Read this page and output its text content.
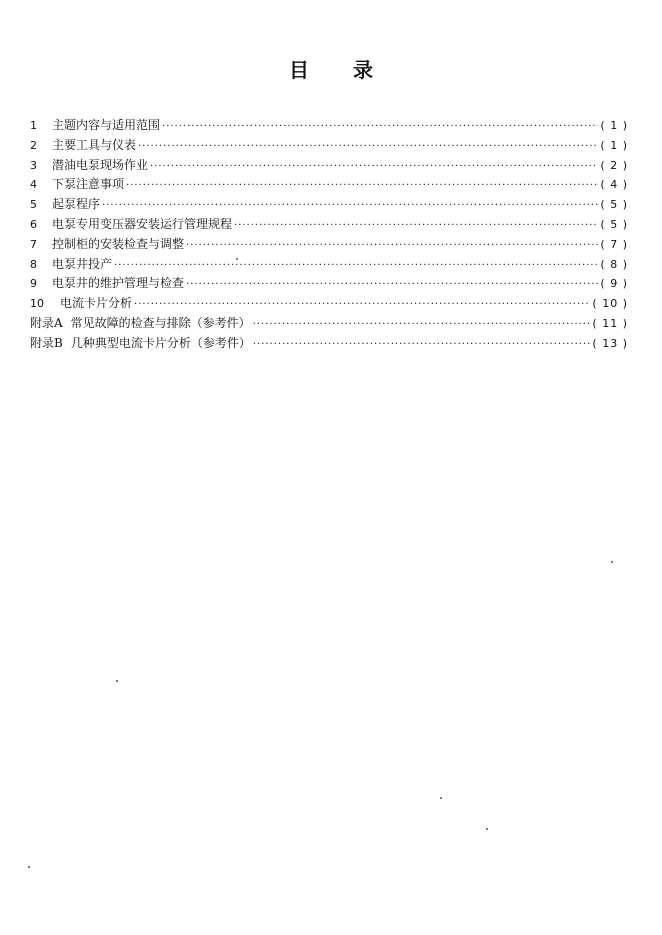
目 录
1	主题内容与适用范围 ·····	( 1 )
2	主要工具与仪表 ·····	( 1 )
3	潜油电泵现场作业 ·····	( 2 )
4	下泵注意事项 ·····	( 4 )
5	起泵程序 ·····	( 5 )
6	电泵专用变压器安装运行管理规程 ·····	( 5 )
7	控制柜的安装检查与调整 ·····	( 7 )
8	电泵井投产 ·····	( 8 )
9	电泵井的维护管理与检查 ·····	( 9 )
10	电流卡片分析 ·····	( 10 )
附录A 常见故障的检查与排除（参考件） ·····	( 11 )
附录B 几种典型电流卡片分析（参考件） ·····	( 13 )
